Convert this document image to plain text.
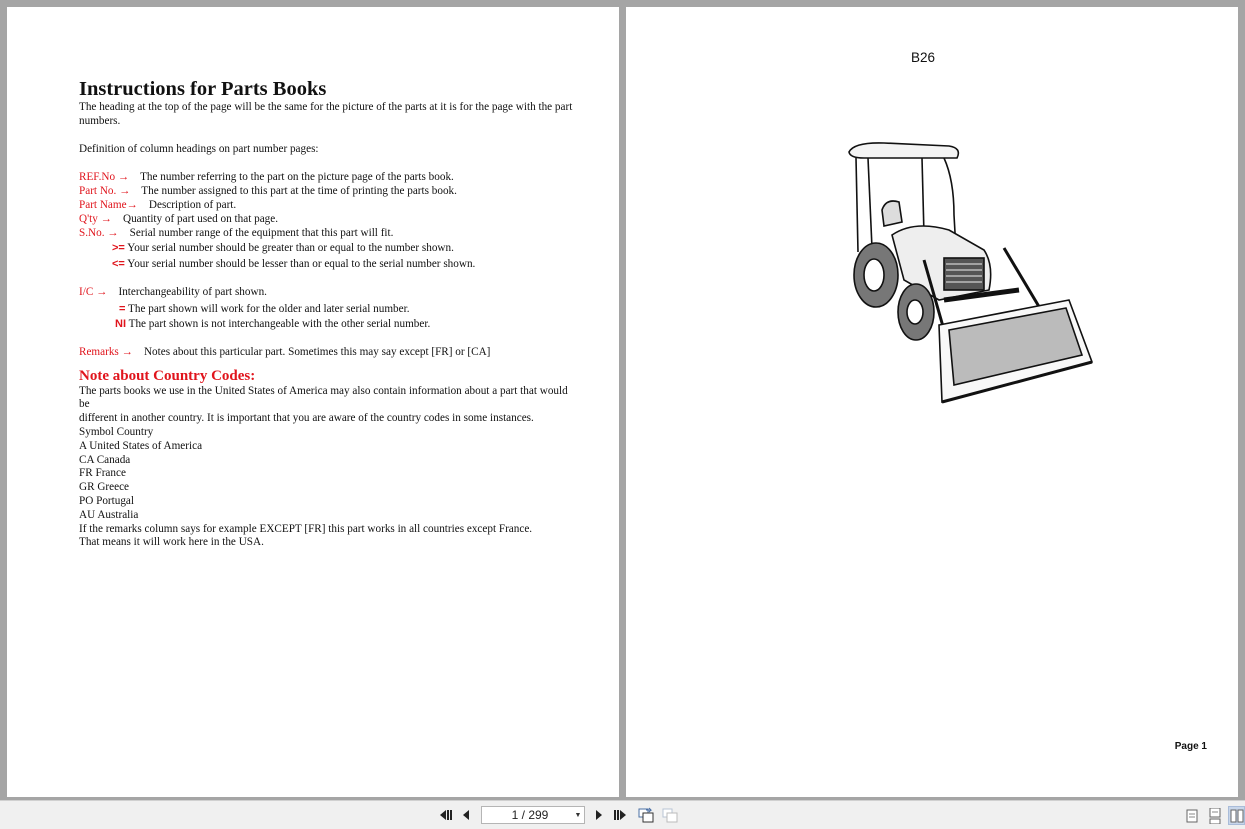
Instructions for Parts Books

The heading at the top of the page will be the same for the picture of the parts at it is for the page with the part numbers.

Definition of column headings on part number pages:

REF.No → The number referring to the part on the picture page of the parts book.
Part No. → The number assigned to this part at the time of printing the parts book.
Part Name→ Description of part.
Q'ty → Quantity of part used on that page.
S.No. → Serial number range of the equipment that this part will fit.
>= Your serial number should be greater than or equal to the number shown.
<= Your serial number should be lesser than or equal to the serial number shown.
I/C → Interchangeability of part shown.
= The part shown will work for the older and later serial number.
NI The part shown is not interchangeable with the other serial number.
Remarks → Notes about this particular part. Sometimes this may say except [FR] or [CA]
Note about Country Codes:

The parts books we use in the United States of America may also contain information about a part that would be

different in another country. It is important that you are aware of the country codes in some instances.

Symbol Country

A United States of America

CA Canada

FR France

GR Greece

PO Portugal

AU Australia

If the remarks column says for example EXCEPT [FR] this part works in all countries except France.

That means it will work here in the USA.

B26
Page 1
1 / 299	▼
